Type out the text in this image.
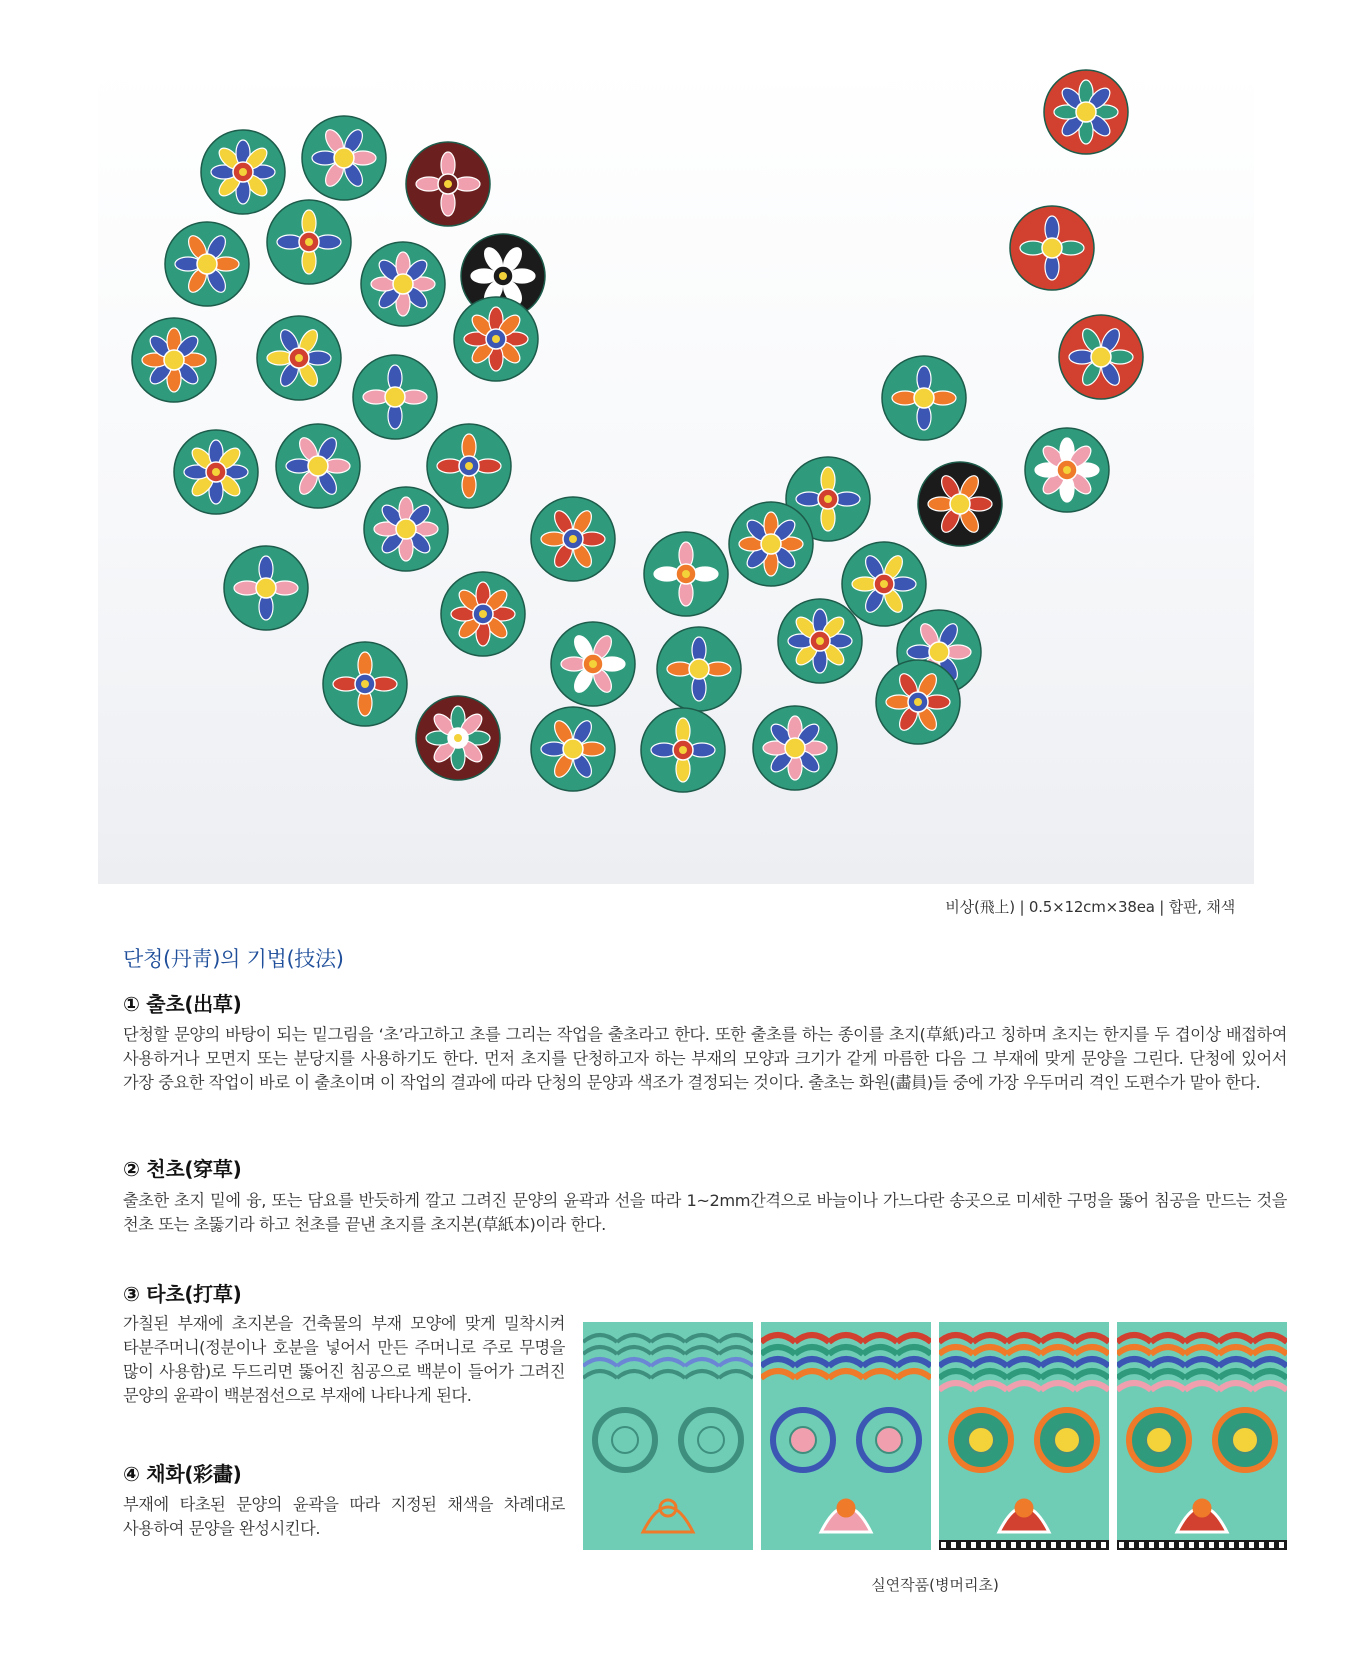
비상(飛上) | 0.5×12cm×38ea | 합판, 채색
단청(丹靑)의 기법(技法)
① 출초(出草)

단청할 문양의 바탕이 되는 밑그림을 ‘초’라고하고 초를 그리는 작업을 출초라고 한다. 또한 출초를 하는 종이를 초지(草紙)라고 칭하며 초지는 한지를 두 겹이상 배접하여 사용하거나 모면지 또는 분당지를 사용하기도 한다. 먼저 초지를 단청하고자 하는 부재의 모양과 크기가 같게 마름한 다음 그 부재에 맞게 문양을 그린다. 단청에 있어서 가장 중요한 작업이 바로 이 출초이며 이 작업의 결과에 따라 단청의 문양과 색조가 결정되는 것이다. 출초는 화원(畵員)들 중에 가장 우두머리 격인 도편수가 맡아 한다.

② 천초(穿草)

출초한 초지 밑에 융, 또는 담요를 반듯하게 깔고 그려진 문양의 윤곽과 선을 따라 1~2mm간격으로 바늘이나 가느다란 송곳으로 미세한 구멍을 뚫어 침공을 만드는 것을 천초 또는 초뚫기라 하고 천초를 끝낸 초지를 초지본(草紙本)이라 한다.

③ 타초(打草)

가칠된 부재에 초지본을 건축물의 부재 모양에 맞게 밀착시켜 타분주머니(정분이나 호분을 넣어서 만든 주머니로 주로 무명을 많이 사용함)로 두드리면 뚫어진 침공으로 백분이 들어가 그려진 문양의 윤곽이 백분점선으로 부재에 나타나게 된다.

④ 채화(彩畵)

부재에 타초된 문양의 윤곽을 따라 지정된 채색을 차례대로 사용하여 문양을 완성시킨다.

실연작품(병머리초)
